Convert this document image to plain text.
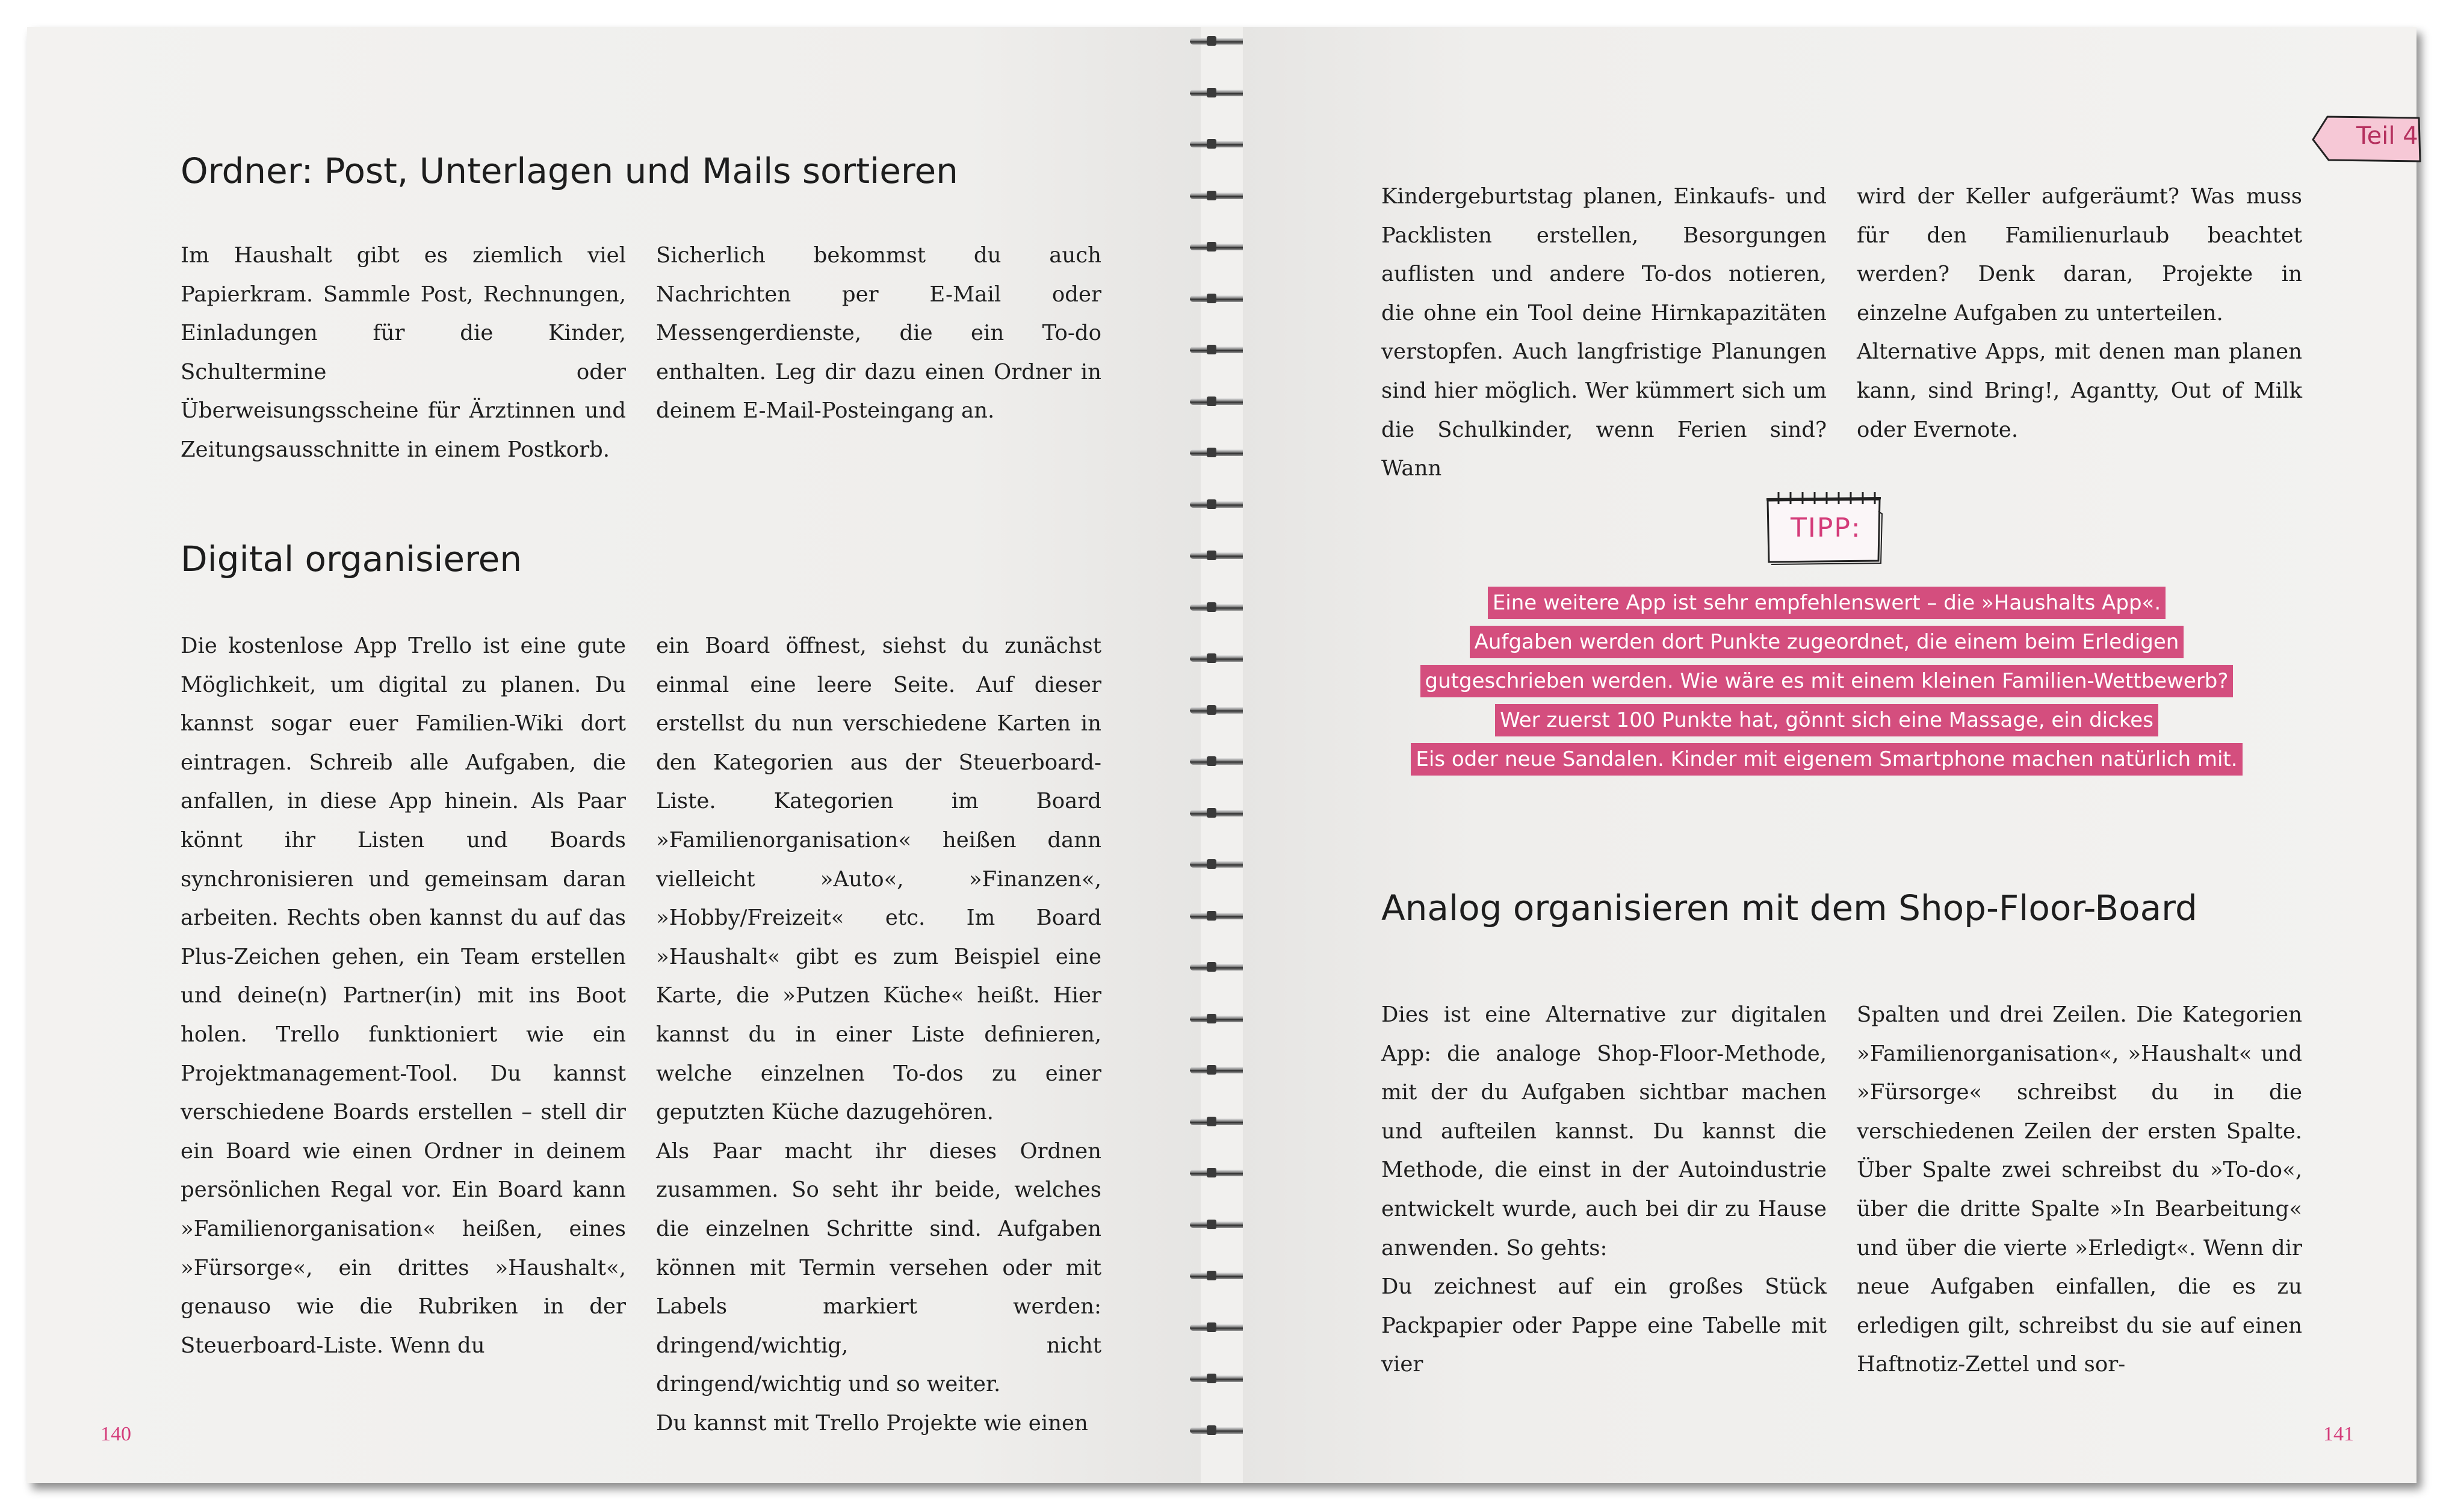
Ordner: Post, Unterlagen und Mails sortieren

Im Haushalt gibt es ziemlich viel Papierkram. Sammle Post, Rechnungen, Einladungen für die Kinder, Schultermine oder Überweisungsscheine für Ärztinnen und Zeitungsausschnitte in einem Postkorb.

Sicherlich bekommst du auch Nachrichten per E-Mail oder Messengerdienste, die ein To-do enthalten. Leg dir dazu einen Ordner in deinem E-Mail-Posteingang an.

Digital organisieren

Die kostenlose App Trello ist eine gute Möglichkeit, um digital zu planen. Du kannst sogar euer Familien-Wiki dort eintragen. Schreib alle Aufgaben, die anfallen, in diese App hinein. Als Paar könnt ihr Listen und Boards synchronisieren und gemeinsam daran arbeiten. Rechts oben kannst du auf das Plus-Zeichen gehen, ein Team erstellen und deine(n) Partner(in) mit ins Boot holen. Trello funktioniert wie ein Projektmanagement-Tool. Du kannst verschiedene Boards erstellen – stell dir ein Board wie einen Ordner in deinem persönlichen Regal vor. Ein Board kann »Familienorganisation« heißen, eines »Fürsorge«, ein drittes »Haushalt«, genauso wie die Rubriken in der Steuerboard-Liste. Wenn du

ein Board öffnest, siehst du zunächst einmal eine leere Seite. Auf dieser erstellst du nun verschiedene Karten in den Kategorien aus der Steuerboard-Liste. Kategorien im Board »Familienorganisation« heißen dann vielleicht »Auto«, »Finanzen«, »Hobby/Freizeit« etc. Im Board »Haushalt« gibt es zum Beispiel eine Karte, die »Putzen Küche« heißt. Hier kannst du in einer Liste definieren, welche einzelnen To-dos zu einer geputzten Küche dazugehören.

Als Paar macht ihr dieses Ordnen zusammen. So seht ihr beide, welches die einzelnen Schritte sind. Aufgaben können mit Termin versehen oder mit Labels markiert werden: dringend/wichtig, nicht dringend/wichtig und so weiter.

Du kannst mit Trello Projekte wie einen

140

Kindergeburtstag planen, Einkaufs- und Packlisten erstellen, Besorgungen auflisten und andere To-dos notieren, die ohne ein Tool deine Hirnkapazitäten verstopfen. Auch langfristige Planungen sind hier möglich. Wer kümmert sich um die Schulkinder, wenn Ferien sind? Wann

wird der Keller aufgeräumt? Was muss für den Familienurlaub beachtet werden? Denk daran, Projekte in einzelne Aufgaben zu unterteilen.

Alternative Apps, mit denen man planen kann, sind Bring!, Agantty, Out of Milk oder Evernote.

Analog organisieren mit dem Shop-Floor-Board

Dies ist eine Alternative zur digitalen App: die analoge Shop-Floor-Methode, mit der du Aufgaben sichtbar machen und aufteilen kannst. Du kannst die Methode, die einst in der Autoindustrie entwickelt wurde, auch bei dir zu Hause anwenden. So gehts:

Du zeichnest auf ein großes Stück Packpapier oder Pappe eine Tabelle mit vier

Spalten und drei Zeilen. Die Kategorien »Familienorganisation«, »Haushalt« und »Fürsorge« schreibst du in die verschiedenen Zeilen der ersten Spalte. Über Spalte zwei schreibst du »To-do«, über die dritte Spalte »In Bearbeitung« und über die vierte »Erledigt«. Wenn dir neue Aufgaben einfallen, die es zu erledigen gilt, schreibst du sie auf einen Haftnotiz-Zettel und sor-

141
Teil 4
TIPP:
Eine weitere App ist sehr empfehlenswert – die »Haushalts App«.
Aufgaben werden dort Punkte zugeordnet, die einem beim Erledigen
gutgeschrieben werden. Wie wäre es mit einem kleinen Familien-Wettbewerb?
Wer zuerst 100 Punkte hat, gönnt sich eine Massage, ein dickes
Eis oder neue Sandalen. Kinder mit eigenem Smartphone machen natürlich mit.
